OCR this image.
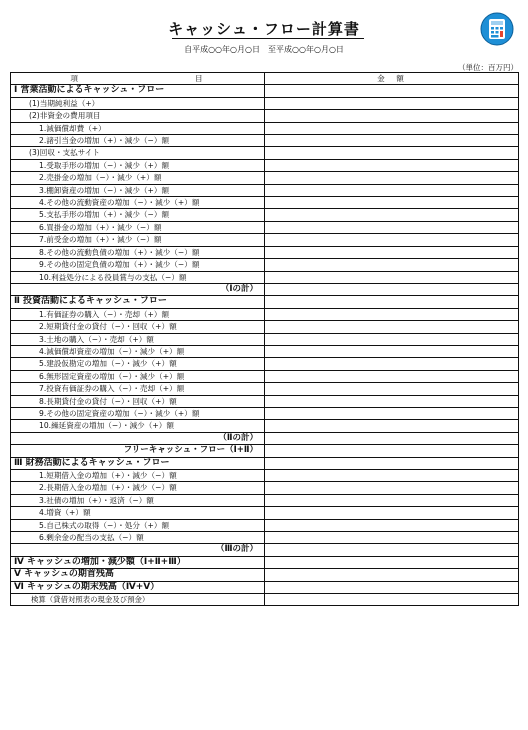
キャッシュ・フロー計算書
自平成○○年○月○日　至平成○○年○月○日
（単位：百万円）
項　　　　　　　　　　　　目	金　額
Ⅰ 営業活動によるキャッシュ・フロー	
(1)当期純利益（+）	
(2)非資金の費用項目	
1.減価償却費（+）	
2.諸引当金の増加（+）・減少（−）額	
(3)回収・支払サイト	
1.受取手形の増加（−）・減少（+）額	
2.売掛金の増加（−）・減少（+）額	
3.棚卸資産の増加（−）・減少（+）額	
4.その他の流動資産の増加（−）・減少（+）額	
5.支払手形の増加（+）・減少（−）額	
6.買掛金の増加（+）・減少（−）額	
7.前受金の増加（+）・減少（−）額	
8.その他の流動負債の増加（+）・減少（−）額	
9.その他の固定負債の増加（+）・減少（−）額	
10.利益処分による役員賞与の支払（−）額	
（Ⅰの計）	
Ⅱ 投資活動によるキャッシュ・フロー	
1.有価証券の購入（−）・売却（+）額	
2.短期貸付金の貸付（−）・回収（+）額	
3.土地の購入（−）・売却（+）額	
4.減価償却資産の増加（−）・減少（+）額	
5.建設仮勘定の増加（−）・減少（+）額	
6.無形固定資産の増加（−）・減少（+）額	
7.投資有価証券の購入（−）・売却（+）額	
8.長期貸付金の貸付（−）・回収（+）額	
9.その他の固定資産の増加（−）・減少（+）額	
10.繰延資産の増加（−）・減少（+）額	
（Ⅱの計）	
フリーキャッシュ・フロー（Ⅰ+Ⅱ）	
Ⅲ 財務活動によるキャッシュ・フロー	
1.短期借入金の増加（+）・減少（−）額	
2.長期借入金の増加（+）・減少（−）額	
3.社債の増加（+）・返済（−）額	
4.増資（+）額	
5.自己株式の取得（−）・処分（+）額	
6.剰余金の配当の支払（−）額	
（Ⅲの計）	
Ⅳ キャッシュの増加・減少額（Ⅰ+Ⅱ+Ⅲ）	
Ⅴ キャッシュの期首残高	
Ⅵ キャッシュの期末残高（Ⅳ+Ⅴ）	
検算（貸借対照表の現金及び預金）	
